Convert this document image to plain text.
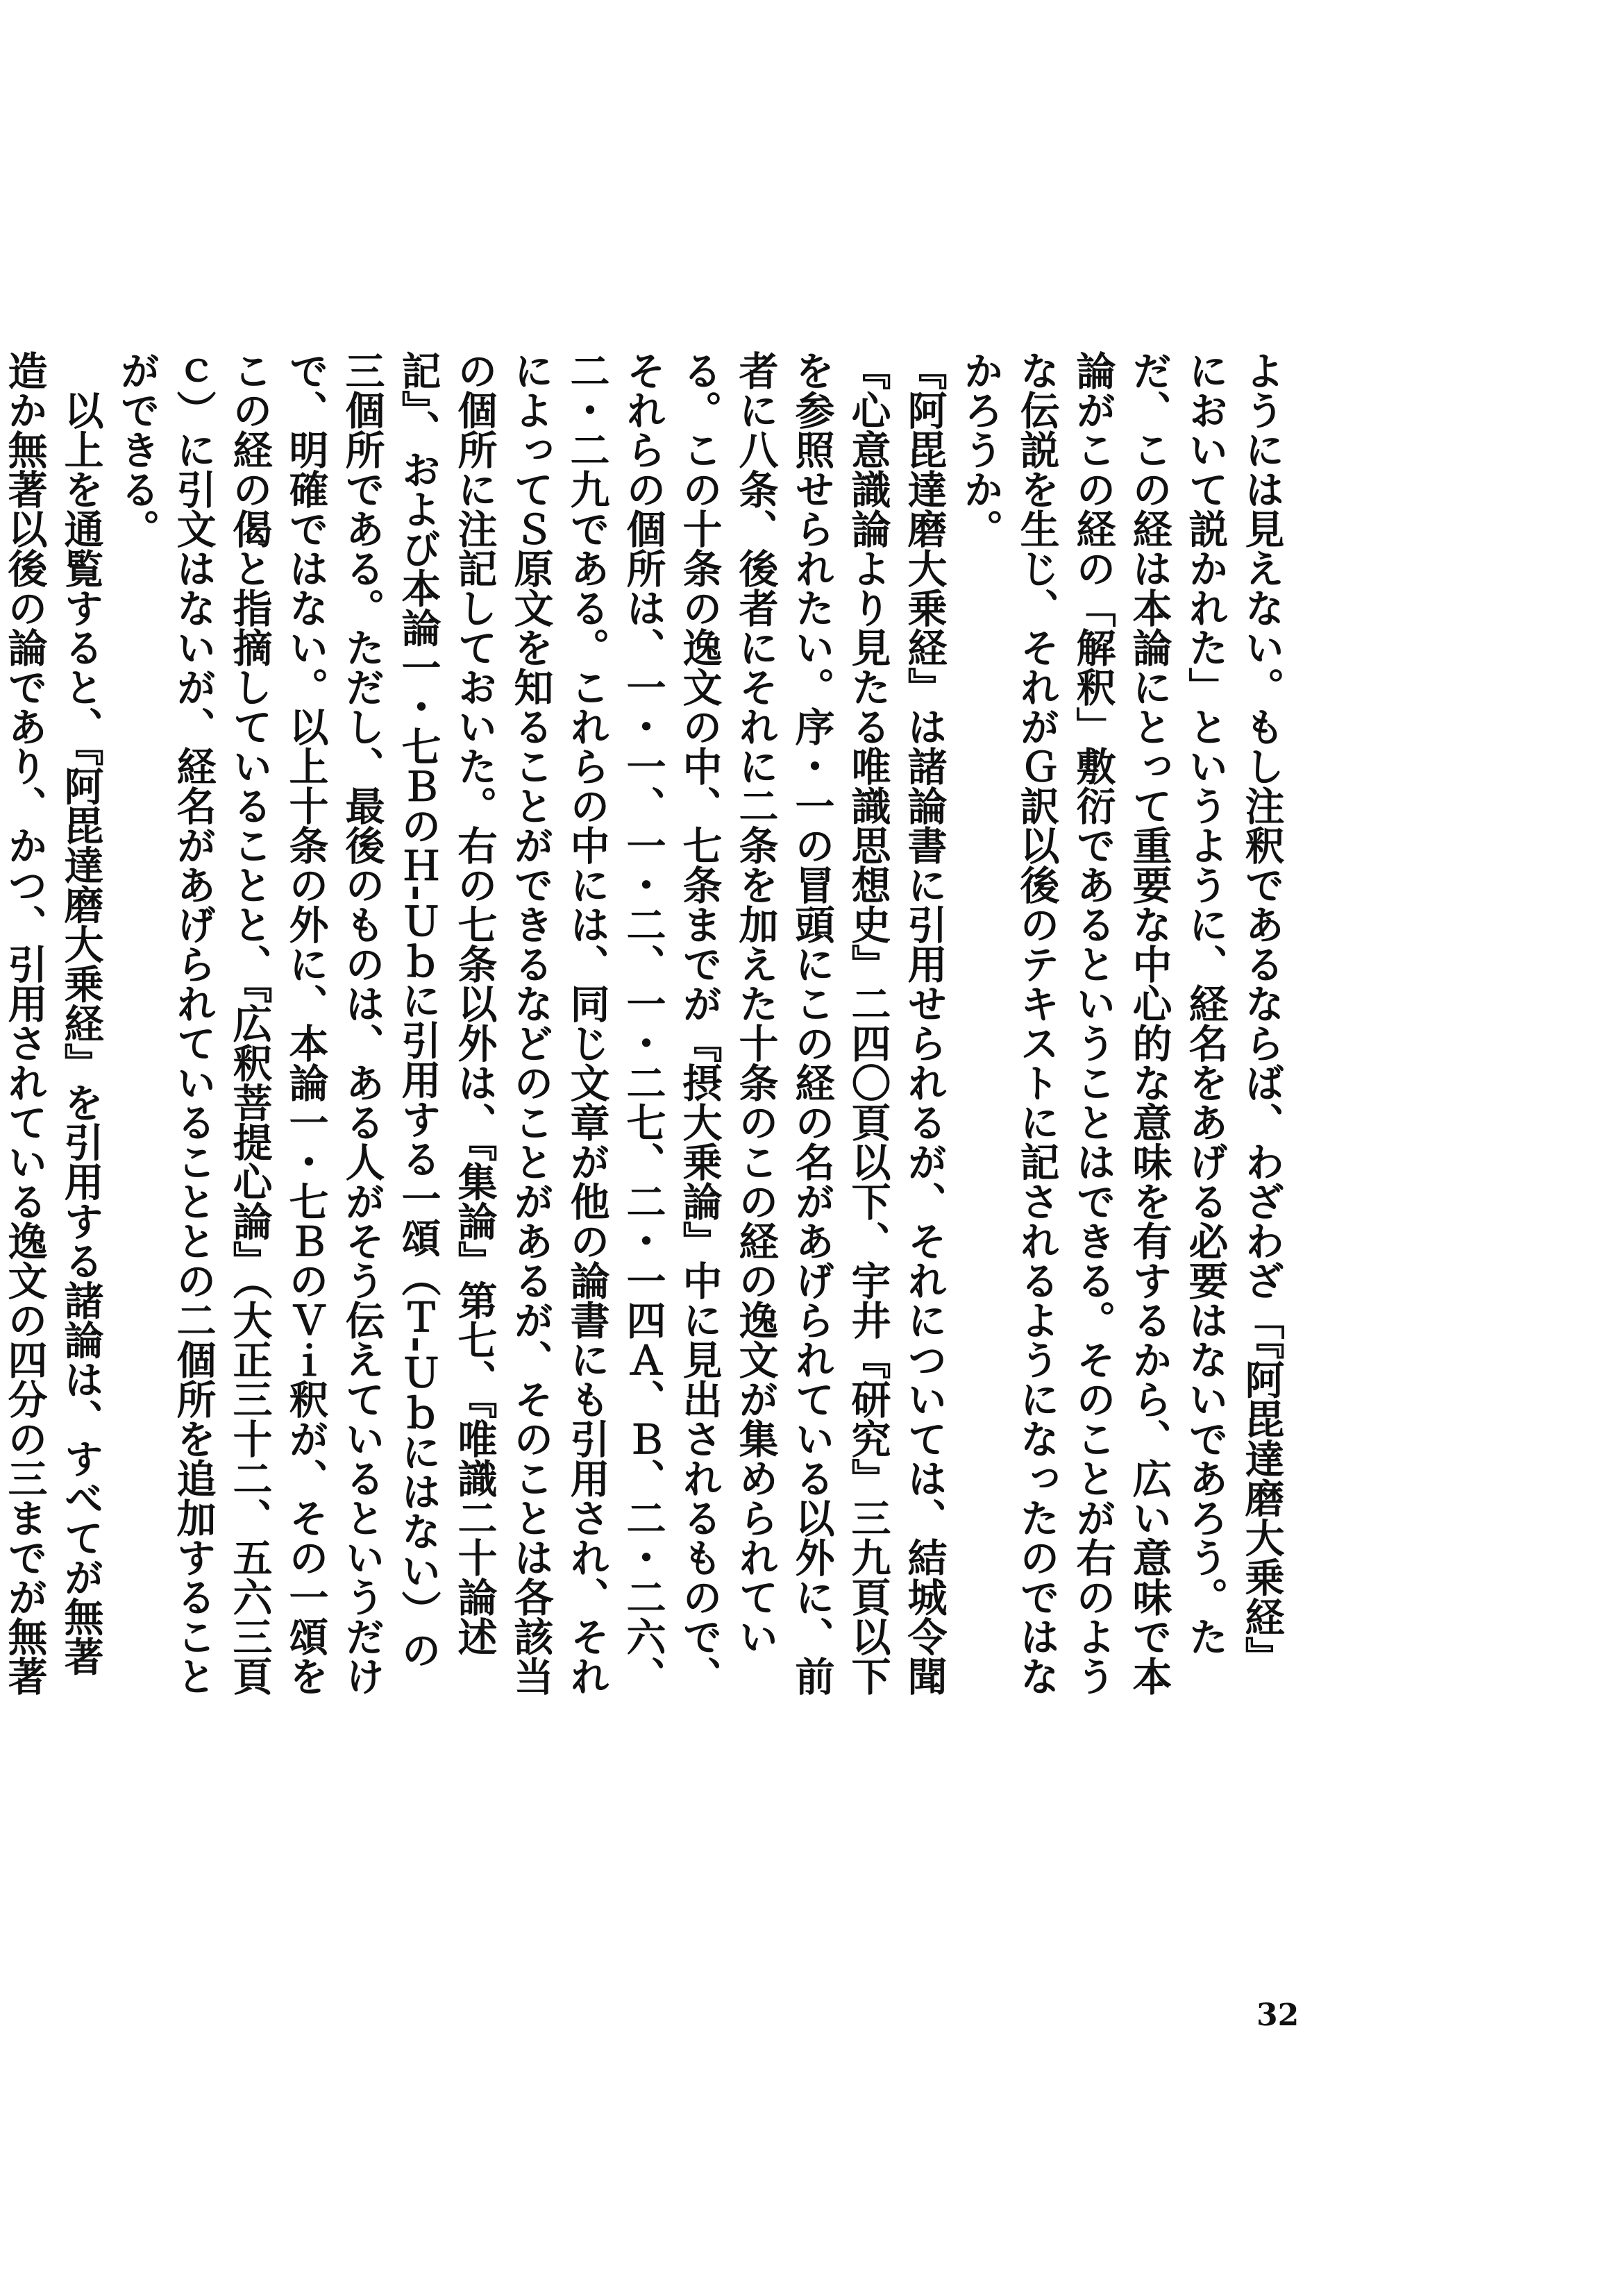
ようには見えない。もし注釈であるならば、わざわざ「『阿毘達磨大乗経』において説かれた」というように、経名をあげる必要はないであろう。ただ、この経は本論にとって重要な中心的な意味を有するから、広い意味で本論がこの経の「解釈」敷衍であるということはできる。そのことが右のような伝説を生じ、それがＧ訳以後のテキストに記されるようになったのではなかろうか。

『阿毘達磨大乗経』は諸論書に引用せられるが、それについては、結城令聞『心意識論より見たる唯識思想史』二四〇頁以下、宇井『研究』三九頁以下を参照せられたい。序・一の冒頭にこの経の名があげられている以外に、前者に八条、後者にそれに二条を加えた十条のこの経の逸文が集められている。この十条の逸文の中、七条までが『摂大乗論』中に見出されるもので、それらの個所は、一・一、一・二、一・二七、二・一四Ａ、Ｂ、二・二六、二・二九である。これらの中には、同じ文章が他の論書にも引用され、それによってＳ原文を知ることができるなどのことがあるが、そのことは各該当の個所に注記しておいた。右の七条以外は、『集論』第七、『唯識二十論述記』、および本論一・七ＢのＨ-Ｕｂに引用する一頌（Ｔ-Ｕｂにはない）の三個所である。ただし、最後のものは、ある人がそう伝えているというだけで、明確ではない。以上十条の外に、本論一・七ＢのＶｉ釈が、その一頌をこの経の偈と指摘していることと、『広釈菩提心論』（大正三十二、五六三頁ｃ）に引文はないが、経名があげられていることとの二個所を追加することができる。

以上を通覧すると、『阿毘達磨大乗経』を引用する諸論は、すべてが無著造か無著以後の論であり、かつ、引用されている逸文の四分の三までが無著

32
